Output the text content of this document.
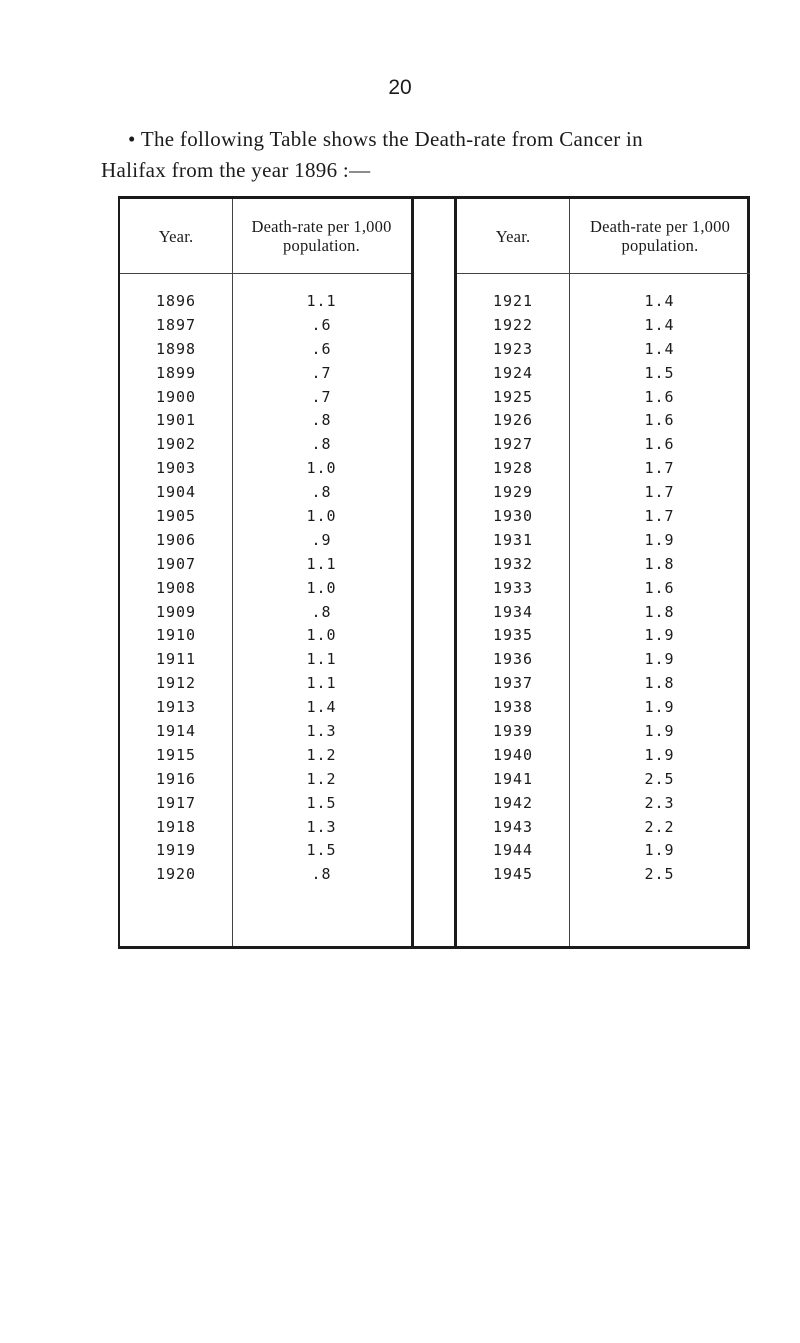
20
• The following Table shows the Death-rate from Cancer in
Halifax from the year 1896 :—
Year.	Death-rate per 1,000 population.	Year.	Death-rate per 1,000 population.
1896	1.1	1921	1.4
1897	.6	1922	1.4
1898	.6	1923	1.4
1899	.7	1924	1.5
1900	.7	1925	1.6
1901	.8	1926	1.6
1902	.8	1927	1.6
1903	1.0	1928	1.7
1904	.8	1929	1.7
1905	1.0	1930	1.7
1906	.9	1931	1.9
1907	1.1	1932	1.8
1908	1.0	1933	1.6
1909	.8	1934	1.8
1910	1.0	1935	1.9
1911	1.1	1936	1.9
1912	1.1	1937	1.8
1913	1.4	1938	1.9
1914	1.3	1939	1.9
1915	1.2	1940	1.9
1916	1.2	1941	2.5
1917	1.5	1942	2.3
1918	1.3	1943	2.2
1919	1.5	1944	1.9
1920	.8	1945	2.5
